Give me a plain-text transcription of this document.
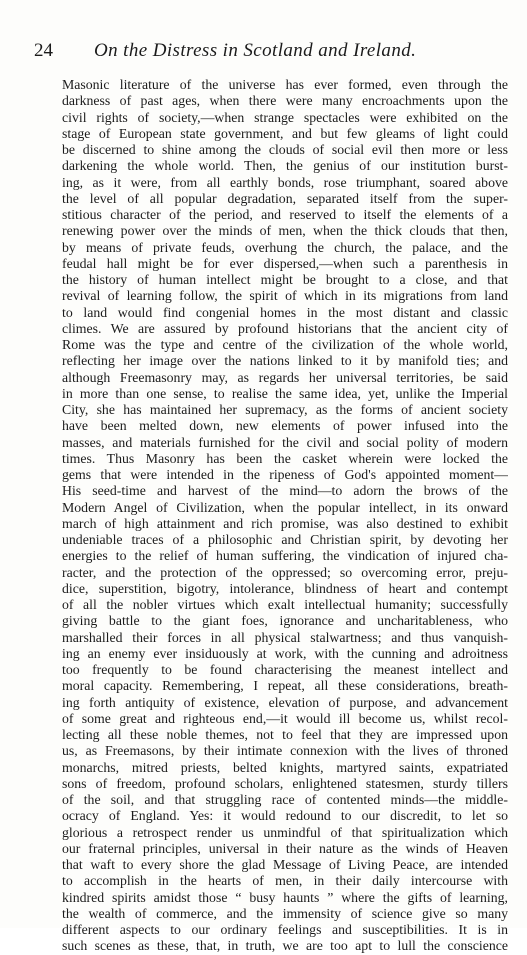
24 On the Distress in Scotland and Ireland.
Masonic literature of the universe has ever formed, even through the
darkness of past ages, when there were many encroachments upon the
civil rights of society,—when strange spectacles were exhibited on the
stage of European state government, and but few gleams of light could
be discerned to shine among the clouds of social evil then more or less
darkening the whole world. Then, the genius of our institution burst-
ing, as it were, from all earthly bonds, rose triumphant, soared above
the level of all popular degradation, separated itself from the super-
stitious character of the period, and reserved to itself the elements of a
renewing power over the minds of men, when the thick clouds that then,
by means of private feuds, overhung the church, the palace, and the
feudal hall might be for ever dispersed,—when such a parenthesis in
the history of human intellect might be brought to a close, and that
revival of learning follow, the spirit of which in its migrations from land
to land would find congenial homes in the most distant and classic
climes. We are assured by profound historians that the ancient city of
Rome was the type and centre of the civilization of the whole world,
reflecting her image over the nations linked to it by manifold ties; and
although Freemasonry may, as regards her universal territories, be said
in more than one sense, to realise the same idea, yet, unlike the Imperial
City, she has maintained her supremacy, as the forms of ancient society
have been melted down, new elements of power infused into the
masses, and materials furnished for the civil and social polity of modern
times. Thus Masonry has been the casket wherein were locked the
gems that were intended in the ripeness of God's appointed moment—
His seed-time and harvest of the mind—to adorn the brows of the
Modern Angel of Civilization, when the popular intellect, in its onward
march of high attainment and rich promise, was also destined to exhibit
undeniable traces of a philosophic and Christian spirit, by devoting her
energies to the relief of human suffering, the vindication of injured cha-
racter, and the protection of the oppressed; so overcoming error, preju-
dice, superstition, bigotry, intolerance, blindness of heart and contempt
of all the nobler virtues which exalt intellectual humanity; successfully
giving battle to the giant foes, ignorance and uncharitableness, who
marshalled their forces in all physical stalwartness; and thus vanquish-
ing an enemy ever insiduously at work, with the cunning and adroitness
too frequently to be found characterising the meanest intellect and
moral capacity. Remembering, I repeat, all these considerations, breath-
ing forth antiquity of existence, elevation of purpose, and advancement
of some great and righteous end,—it would ill become us, whilst recol-
lecting all these noble themes, not to feel that they are impressed upon
us, as Freemasons, by their intimate connexion with the lives of throned
monarchs, mitred priests, belted knights, martyred saints, expatriated
sons of freedom, profound scholars, enlightened statesmen, sturdy tillers
of the soil, and that struggling race of contented minds—the middle-
ocracy of England. Yes: it would redound to our discredit, to let so
glorious a retrospect render us unmindful of that spiritualization which
our fraternal principles, universal in their nature as the winds of Heaven
that waft to every shore the glad Message of Living Peace, are intended
to accomplish in the hearts of men, in their daily intercourse with
kindred spirits amidst those “ busy haunts ” where the gifts of learning,
the wealth of commerce, and the immensity of science give so many
different aspects to our ordinary feelings and susceptibilities. It is in
such scenes as these, that, in truth, we are too apt to lull the conscience
